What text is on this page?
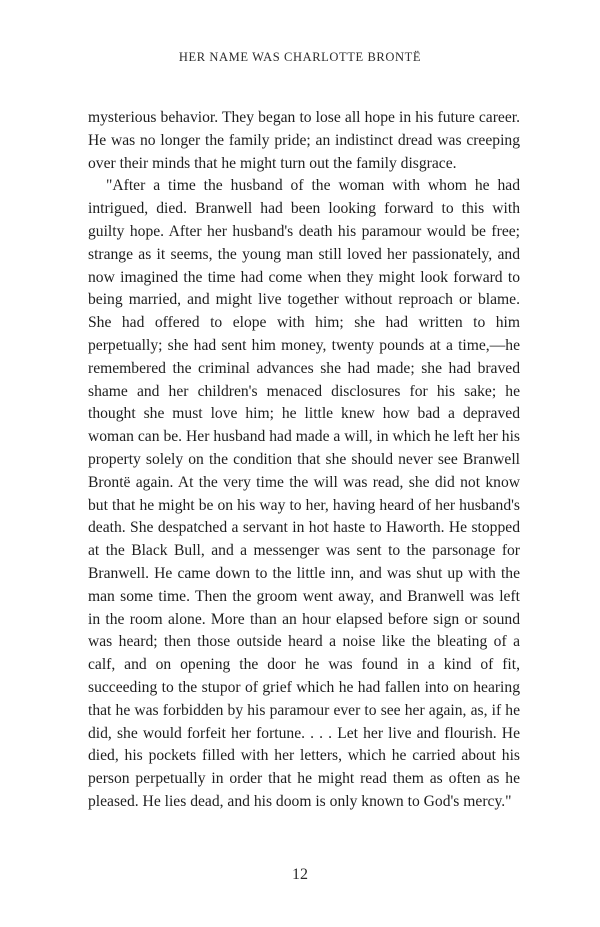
HER NAME WAS CHARLOTTE BRONTË

mysterious behavior. They began to lose all hope in his future career. He was no longer the family pride; an indistinct dread was creeping over their minds that he might turn out the family disgrace.

"After a time the husband of the woman with whom he had intrigued, died. Branwell had been looking forward to this with guilty hope. After her husband's death his paramour would be free; strange as it seems, the young man still loved her passionately, and now imagined the time had come when they might look forward to being married, and might live together without reproach or blame. She had offered to elope with him; she had written to him perpetually; she had sent him money, twenty pounds at a time,—he remembered the criminal advances she had made; she had braved shame and her children's menaced disclosures for his sake; he thought she must love him; he little knew how bad a depraved woman can be. Her husband had made a will, in which he left her his property solely on the condition that she should never see Branwell Brontë again. At the very time the will was read, she did not know but that he might be on his way to her, having heard of her husband's death. She despatched a servant in hot haste to Haworth. He stopped at the Black Bull, and a messenger was sent to the parsonage for Branwell. He came down to the little inn, and was shut up with the man some time. Then the groom went away, and Branwell was left in the room alone. More than an hour elapsed before sign or sound was heard; then those outside heard a noise like the bleating of a calf, and on opening the door he was found in a kind of fit, succeeding to the stupor of grief which he had fallen into on hearing that he was forbidden by his paramour ever to see her again, as, if he did, she would forfeit her fortune. . . . Let her live and flourish. He died, his pockets filled with her letters, which he carried about his person perpetually in order that he might read them as often as he pleased. He lies dead, and his doom is only known to God's mercy."

12
